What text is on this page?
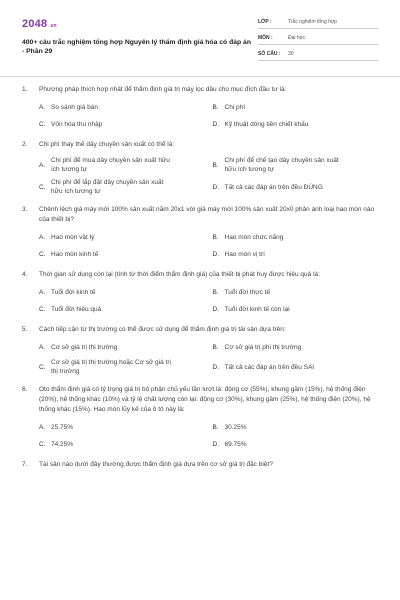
2048 .vn
400+ câu trắc nghiệm tổng hợp Nguyên lý thẩm định giá hóa có đáp án - Phần 29
LỚP :	Trắc nghiệm tổng hợp
MÔN :	Đại học
SỐ CÂU :	30
1.	Phương pháp thích hợp nhất để thẩm định giá trị máy lọc dầu cho mục đích đầu tư là:
A. So sánh giá bán	B. Chi phí
C. Vốn hóa thu nhập	D. Kỹ thuật dòng tiền chiết khấu
2.	Chi phí thay thế dây chuyền sản xuất có thể là:
A.
Chi phí để mua dây chuyền sản xuất hữu ích tương tự
B.
Chi phí để chế tạo dây chuyền sản xuất hữu ích tương tự
C.
Chi phí để lắp đặt dây chuyền sản xuất hữu ích tương tự
D. Tất cả các đáp án trên đều ĐÚNG
3.	Chênh lệch giá máy mới 100% sản xuất năm 20x1 với giá máy mới 100% sản xuất 20x0 phản ánh loại hao mòn nào của thiết bị?
A. Hao mòn vật lý	B. Hao mòn chức năng
C. Hao mòn kinh tế	D. Hao mòn vị trí
4.	Thời gian sử dụng còn lại (tính từ thời điểm thẩm định giá) của thiết bị phát huy được hiệu quả là:
A. Tuổi đời kinh tế	B. Tuổi đời thực tế
C. Tuổi đời hiệu quả	D. Tuổi đời kinh tế còn lại
5.	Cách tiếp cận từ thị trường có thể được sử dụng để thẩm định giá trị tài sản dựa trên:
A. Cơ sở giá trị thị trường	B. Cơ sở giá trị phi thị trường
C.
Cơ sở giá trị thị trường hoặc Cơ sở giá trị thị trường
D. Tất cả các đáp án trên đều SAI
6.	Oto thẩm định giá có tỷ trọng giá trị bộ phận chủ yếu lần lượt là: động cơ (55%), khung gầm (15%), hệ thống điện (20%), hệ thống khác (10%) và tỷ lệ chất lượng còn lại: động cơ (30%), khung gầm (25%), hệ thống điện (20%), hệ thống khác (15%). Hao mòn lũy kế của ô tô này là:
A. 25.75%	B. 30.25%
C. 74.25%	D. 69.75%
7.	Tài sản nào dưới đây thường được thẩm định giá dựa trên cơ sở giá trị đặc biệt?
